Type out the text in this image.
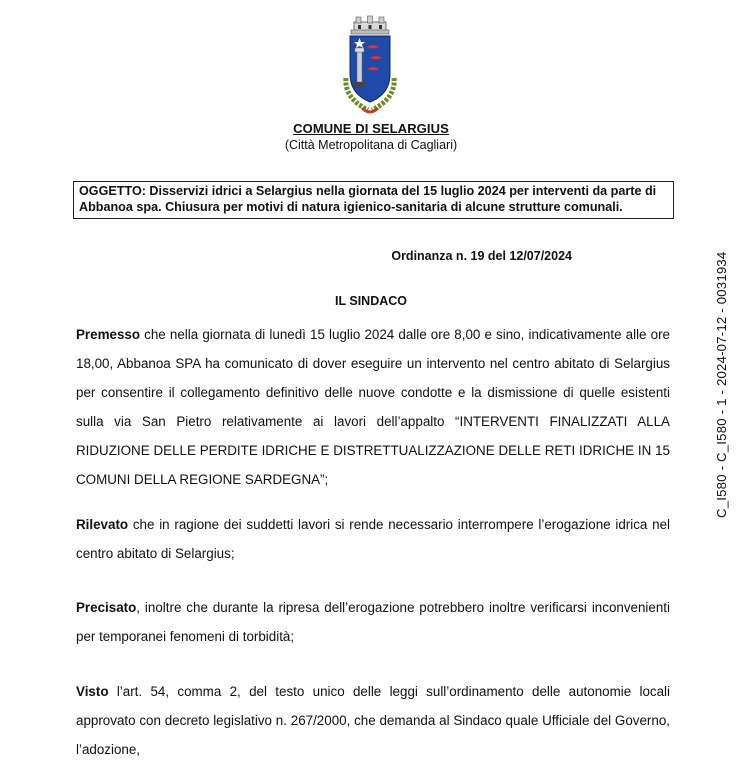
COMUNE DI SELARGIUS
(Città Metropolitana di Cagliari)
OGGETTO: Disservizi idrici a Selargius nella giornata del 15 luglio 2024 per interventi da parte di Abbanoa spa. Chiusura per motivi di natura igienico-sanitaria di alcune strutture comunali.
Ordinanza n. 19 del 12/07/2024
IL SINDACO
Premesso che nella giornata di lunedì 15 luglio 2024 dalle ore 8,00 e sino, indicativamente alle ore 18,00, Abbanoa SPA ha comunicato di dover eseguire un intervento nel centro abitato di Selargius per consentire il collegamento definitivo delle nuove condotte e la dismissione di quelle esistenti sulla via San Pietro relativamente ai lavori dell’appalto “INTERVENTI FINALIZZATI ALLA RIDUZIONE DELLE PERDITE IDRICHE E DISTRETTUALIZZAZIONE DELLE RETI IDRICHE IN 15 COMUNI DELLA REGIONE SARDEGNA”;
Rilevato che in ragione dei suddetti lavori si rende necessario interrompere l’erogazione idrica nel centro abitato di Selargius;
Precisato, inoltre che durante la ripresa dell’erogazione potrebbero inoltre verificarsi inconvenienti per temporanei fenomeni di torbidità;
Visto l’art. 54, comma 2, del testo unico delle leggi sull’ordinamento delle autonomie locali approvato con decreto legislativo n. 267/2000, che demanda al Sindaco quale Ufficiale del Governo, l’adozione,
C_I580 - C_I580 - 1 - 2024-07-12 - 0031934
